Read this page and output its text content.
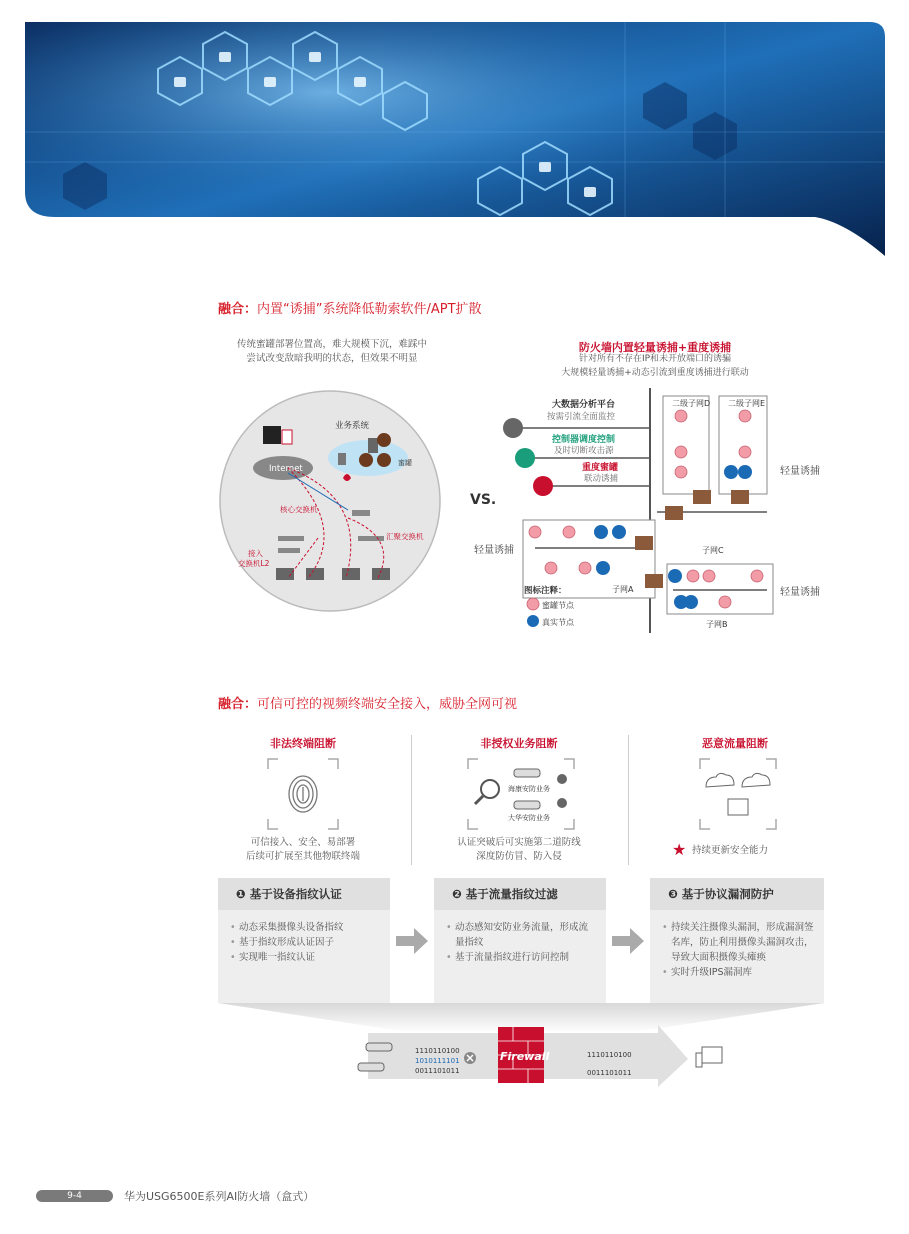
融合：内置“诱捕”系统降低勒索软件/APT扩散
传统蜜罐部署位置高，难大规模下沉，难踩中
尝试改变敌暗我明的状态，但效果不明显
业务系统
Internet
蜜罐
核心交换机
汇聚交换机
接入
交换机L2
VS.
防火墙内置轻量诱捕+重度诱捕
针对所有不存在IP和未开放端口的诱骗
大规模轻量诱捕+动态引流到重度诱捕进行联动
大数据分析平台
按需引流全面监控
控制器调度控制
及时切断攻击源
重度蜜罐
联动诱捕
二级子网D 二级子网E
子网C
子网A
子网B
轻量诱捕
轻量诱捕
轻量诱捕
图标注释：
蜜罐节点
真实节点
融合：可信可控的视频终端安全接入，威胁全网可视
非法终端阻断	非授权业务阻断	恶意流量阻断
海康安防业务
大华安防业务
可信接入、安全、易部署
后续可扩展至其他物联终端
认证突破后可实施第二道防线
深度防仿冒、防入侵	★ 持续更新安全能力
❶ 基于设备指纹认证
• 动态采集摄像头设备指纹
• 基于指纹形成认证因子
• 实现唯一指纹认证
❷ 基于流量指纹过滤
• 动态感知安防业务流量，形成流量指纹
• 基于流量指纹进行访问控制
❸ 基于协议漏洞防护
• 持续关注摄像头漏洞，形成漏洞签名库，防止利用摄像头漏洞攻击，导致大面积摄像头瘫痪
• 实时升级IPS漏洞库
1110110100
1010111101
0011101011
Firewall	1110110100
0011101011
9-4	华为USG6500E系列AI防火墙（盒式）
